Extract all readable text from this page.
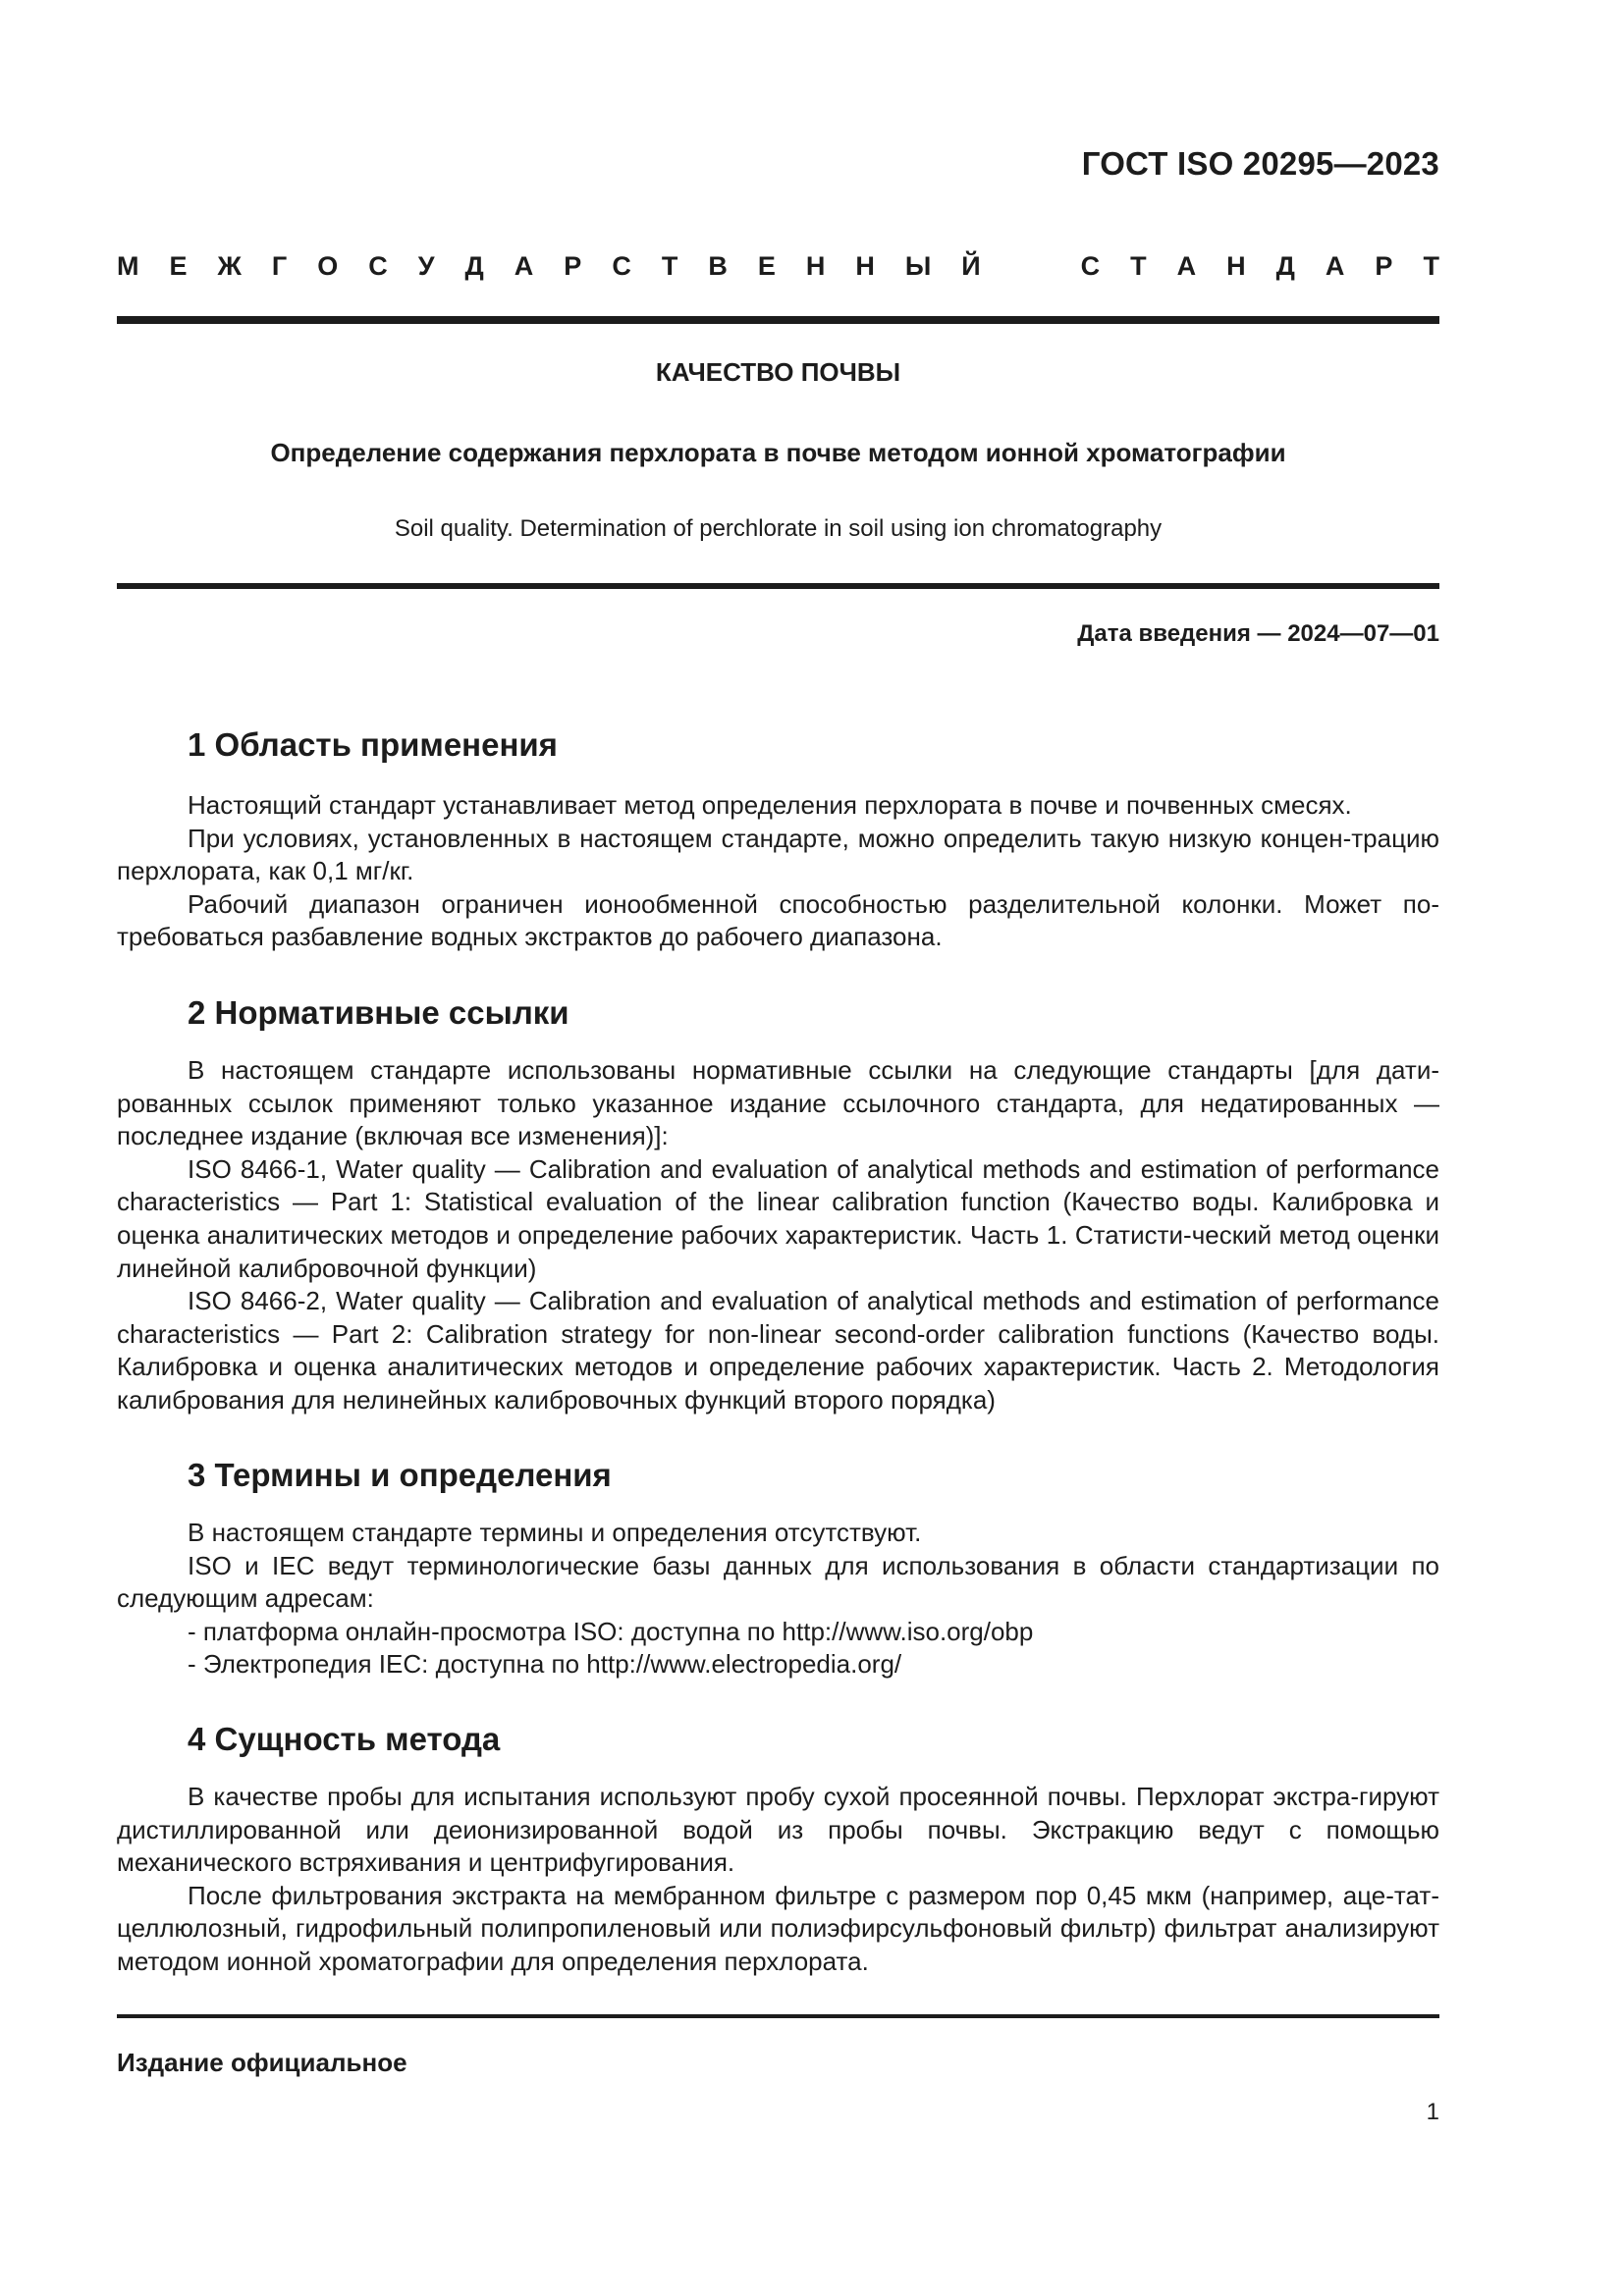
ГОСТ ISO 20295—2023
М Е Ж Г О С У Д А Р С Т В Е Н Н Ы Й	С Т А Н Д А Р Т
КАЧЕСТВО ПОЧВЫ
Определение содержания перхлората в почве методом ионной хроматографии
Soil quality. Determination of perchlorate in soil using ion chromatography
Дата введения — 2024—07—01
1 Область применения

Настоящий стандарт устанавливает метод определения перхлората в почве и почвенных смесях.

При условиях, установленных в настоящем стандарте, можно определить такую низкую концен-трацию перхлората, как 0,1 мг/кг.

Рабочий диапазон ограничен ионообменной способностью разделительной колонки. Может по-требоваться разбавление водных экстрактов до рабочего диапазона.

2 Нормативные ссылки

В настоящем стандарте использованы нормативные ссылки на следующие стандарты [для дати-рованных ссылок применяют только указанное издание ссылочного стандарта, для недатированных — последнее издание (включая все изменения)]:

ISO 8466-1, Water quality — Calibration and evaluation of analytical methods and estimation of performance characteristics — Part 1: Statistical evaluation of the linear calibration function (Качество воды. Калибровка и оценка аналитических методов и определение рабочих характеристик. Часть 1. Статисти-ческий метод оценки линейной калибровочной функции)

ISO 8466-2, Water quality — Calibration and evaluation of analytical methods and estimation of performance characteristics — Part 2: Calibration strategy for non-linear second-order calibration functions (Качество воды. Калибровка и оценка аналитических методов и определение рабочих характеристик. Часть 2. Методология калибрования для нелинейных калибровочных функций второго порядка)

3 Термины и определения

В настоящем стандарте термины и определения отсутствуют.

ISO и IEC ведут терминологические базы данных для использования в области стандартизации по следующим адресам:

- платформа онлайн-просмотра ISO: доступна по http://www.iso.org/obp

- Электропедия IEC: доступна по http://www.electropedia.org/

4 Сущность метода

В качестве пробы для испытания используют пробу сухой просеянной почвы. Перхлорат экстра-гируют дистиллированной или деионизированной водой из пробы почвы. Экстракцию ведут с помощью механического встряхивания и центрифугирования.

После фильтрования экстракта на мембранном фильтре с размером пор 0,45 мкм (например, аце-тат-целлюлозный, гидрофильный полипропиленовый или полиэфирсульфоновый фильтр) фильтрат анализируют методом ионной хроматографии для определения перхлората.

Издание официальное
1
